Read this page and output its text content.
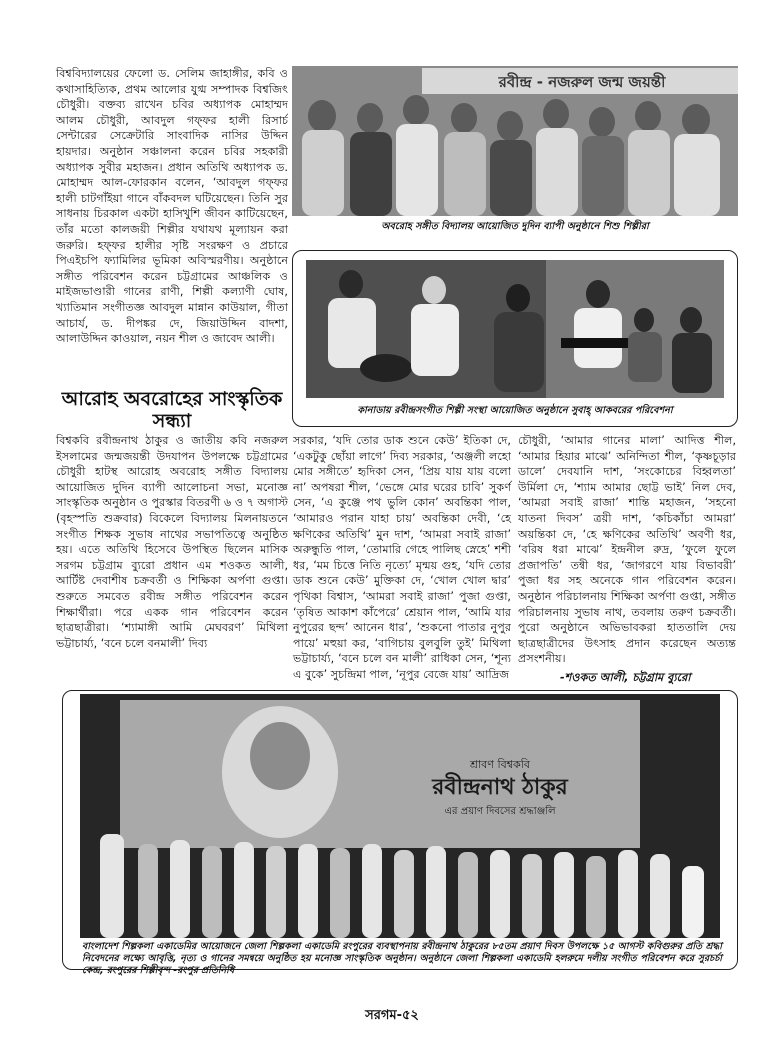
বিশ্ববিদ্যালয়ের ফেলো ড. সেলিম জাহাঙ্গীর, কবি ও কথাসাহিত্যিক, প্রথম আলোর যুগ্ম সম্পাদক বিশ্বজিৎ চৌধুরী। বক্তব্য রাখেন চবির অধ্যাপক মোহাম্মদ আলম চৌধুরী, আবদুল গফ্ফর হালী রিসার্চ সেন্টারের সেক্রেটারি সাংবাদিক নাসির উদ্দিন হায়দার। অনুষ্ঠান সঞ্চালনা করেন চবির সহকারী অধ্যাপক সুবীর মহাজন। প্রধান অতিথি অধ্যাপক ড. মোহাম্মদ আল-ফোরকান বলেন, ‘আবদুল গফ্ফর হালী চাটগাঁইয়া গানে বাঁকবদল ঘটিয়েছেন। তিনি সুর সাধনায় চিরকাল একটা হাসিখুশি জীবন কাটিয়েছেন, তাঁর মতো কালজয়ী শিল্পীর যথাযথ মূল্যায়ন করা জরুরি। হফ্ফর হালীর সৃষ্টি সংরক্ষণ ও প্রচারে পিএইচপি ফ্যামিলির ভূমিকা অবিস্মরণীয়। অনুষ্ঠানে সঙ্গীত পরিবেশন করেন চট্টগ্রামের আঞ্চলিক ও মাইজভাণ্ডারী গানের রাণী, শিল্পী কল্যাণী ঘোষ, খ্যাতিমান সংগীতজ্ঞ আবদুল মান্নান কাউয়াল, গীতা আচার্য, ড. দীপঙ্কর দে, জিয়াউদ্দিন বাদশা, আলাউদ্দিন কাওয়াল, নয়ন শীল ও জাবেদ আলী।

রবীন্দ্র - নজরুল জন্ম জয়ন্তী
অবরোহ সঙ্গীত বিদ্যালয় আয়োজিত দুদিন ব্যাপী অনুষ্ঠানে শিশু শিল্পীরা
কানাডায় রবীন্দ্রসংগীত শিল্পী সংস্থা আয়োজিত অনুষ্ঠানে সুবাহ্‌ আকবরের পরিবেশনা
আরোহ অবরোহের সাংস্কৃতিক সন্ধ্যা

বিশ্বকবি রবীন্দ্রনাথ ঠাকুর ও জাতীয় কবি নজরুল ইসলামের জন্মজয়ন্তী উদযাপন উপলক্ষে চট্টগ্রামের চৌধুরী হাটস্থ আরোহ অবরোহ সঙ্গীত বিদ্যালয় আয়োজিত দুদিন ব্যাপী আলোচনা সভা, মনোজ্ঞ সাংস্কৃতিক অনুষ্ঠান ও পুরস্কার বিতরণী ৬ ও ৭ অগাস্ট (বৃহস্পতি শুক্রবার) বিকেলে বিদ্যালয় মিলনায়তনে সংগীত শিক্ষক সুভাষ নাথের সভাপতিত্বে অনুষ্ঠিত হয়। এতে অতিথি হিসেবে উপস্থিত ছিলেন মাসিক সরগম চট্টগ্রাম ব্যুরো প্রধান এম শওকত আলী, আর্টিষ্ট দেবাশীষ চক্রবর্তী ও শিক্ষিকা অর্পণা গুপ্তা। শুরুতে সমবেত রবীন্দ্র সঙ্গীত পরিবেশন করেন শিক্ষার্থীরা। পরে একক গান পরিবেশন করেন ছাত্রছাত্রীরা। ‘শ্যামাঙ্গী আমি মেঘবরণ’ মিথিলা ভট্টাচার্য্য, ‘বনে চলে বনমালী’ দিব্য

সরকার, ‘যদি তোর ডাক শুনে কেউ’ ইতিকা দে, ‘একটুকু ছোঁয়া লাগে’ দিব্য সরকার, ‘অঞ্জলী লহো মোর সঙ্গীতে’ হৃদিকা সেন, ‘প্রিয় যায় যায় বলো না’ অপষরা শীল, ‘ভেঙ্গে মোর ঘরের চাবি’ সুকর্ণ সেন, ‘এ কুঞ্জে পথ ভুলি কোন’ অবন্তিকা পাল, ‘আমারও পরান যাহা চায়’ অবন্তিকা দেবী, ‘হে ক্ষণিকের অতিথি’ মুন দাশ, ‘আমরা সবাই রাজা’ অরুন্ধুতি পাল, ‘তোমারি গেহে পালিছ স্নেহে’ শশী ধর, ‘মম চিত্তে নিতি নৃত্যে’ মৃন্ময় গুহ, ‘যদি তোর ডাক শুনে কেউ’ মুক্তিকা দে, ‘খোল খোল দ্বার’ পৃথিকা বিশ্বাস, ‘আমরা সবাই রাজা’ পুজা গুপ্তা, ‘তৃষিত আকাশ কাঁপেরে’ শ্রেয়ান পাল, ‘আমি যার নুপুরের ছন্দ’ আনেন ধার’, ‘শুকনো পাতার নুপুর পায়ে’ মহুয়া কর, ‘বাগিচায় বুলবুলি তুই’ মিথিলা ভট্টাচার্য্য, ‘বনে চলে বন মালী’ রাধিকা সেন, ‘শূন্য এ বুকে’ সুচন্দ্রিমা পাল, ‘নূপুর বেজে যায়’ আদ্রিজ

চৌধুরী, ‘আমার গানের মালা’ আদিত্ত শীল, ‘আমার হিয়ার মাঝে’ অনিন্দিতা শীল, ‘কৃষ্ণচূড়ার ডালে’ দেবযানি দাশ, ‘সংকোচের বিহ্বলতা’ উর্মিলা দে, ‘শ্যাম আমার ছোট্ট ভাই’ নিল দেব, ‘আমরা সবাই রাজা’ শান্তি মহাজন, ‘সহনো যাতনা দিবস’ ত্রয়ী দাশ, ‘কচিকাঁচা আমরা’ অয়ন্তিকা দে, ‘হে ক্ষণিকের অতিথি’ অবণী ধর, ‘বরিষ ধরা মাঝে’ ইন্দ্রনীল রুদ্র, ‘ফুলে ফুলে প্রজাপতি’ তন্বী ধর, ‘জাগরণে যায় বিভাবরী’ পুজা ধর সহ অনেকে গান পরিবেশন করেন। অনুষ্ঠান পরিচালনায় শিক্ষিকা অর্পণা গুপ্তা, সঙ্গীত পরিচালনায় সুভাষ নাথ, তবলায় তরুণ চক্রবর্তী। পুরো অনুষ্ঠানে অভিভাবকরা হাততালি দেয় ছাত্রছাত্রীদের উৎসাহ প্রদান করেছেন অত্যন্ত প্রসংশনীয়।

-শওকত আলী, চট্টগ্রাম ব্যুরো
শ্রাবণ বিশ্বকবি
রবীন্দ্রনাথ ঠাকুর
এর প্রয়াণ দিবসের শ্রদ্ধাঞ্জলি
বাংলাদেশ শিল্পকলা একাডেমির আয়োজনে জেলা শিল্পকলা একাডেমি রংপুরের ব্যবস্থাপনায় রবীন্দ্রনাথ ঠাকুরের ৮৫তম প্রয়াণ দিবস উপলক্ষে ১৫ আগস্ট কবিগুরুর প্রতি শ্রদ্ধা নিবেদনের লক্ষ্যে আবৃত্তি, নৃত্য ও গানের সমন্বয়ে অনুষ্ঠিত হয় মনোজ্ঞ সাংস্কৃতিক অনুষ্ঠান। অনুষ্ঠানে জেলা শিল্পকলা একাডেমি হলরুমে দলীয় সংগীত পরিবেশন করে সুরচর্চা কেন্দ্র, রংপুরের শিল্পীবৃন্দ -রংপুর প্রতিনিধি
সরগম-৫২
